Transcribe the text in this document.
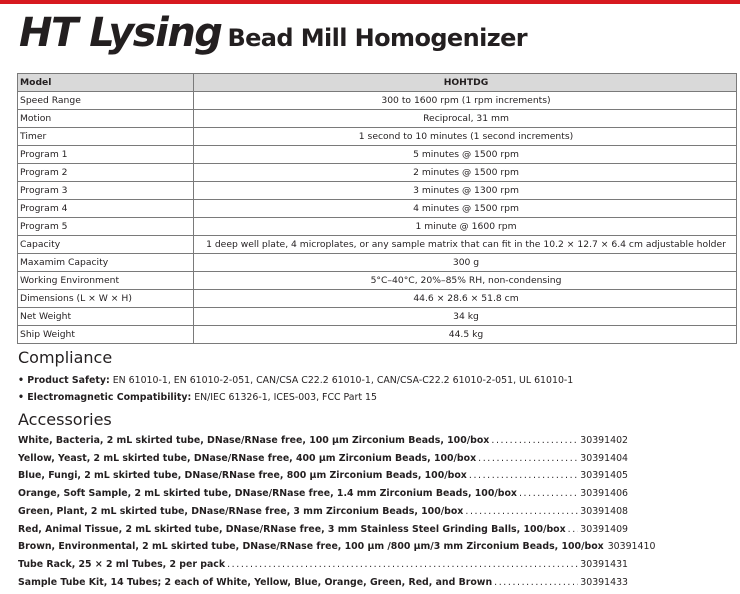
HT Lysing Bead Mill Homogenizer
Model	HOHTDG
Speed Range	300 to 1600 rpm (1 rpm increments)
Motion	Reciprocal, 31 mm
Timer	1 second to 10 minutes (1 second increments)
Program 1	5 minutes @ 1500 rpm
Program 2	2 minutes @ 1500 rpm
Program 3	3 minutes @ 1300 rpm
Program 4	4 minutes @ 1500 rpm
Program 5	1 minute @ 1600 rpm
Capacity	1 deep well plate, 4 microplates, or any sample matrix that can fit in the 10.2 × 12.7 × 6.4 cm adjustable holder
Maxamim Capacity	300 g
Working Environment	5°C–40°C, 20%–85% RH, non-condensing
Dimensions (L × W × H)	44.6 × 28.6 × 51.8 cm
Net Weight	34 kg
Ship Weight	44.5 kg
Compliance
• Product Safety: EN 61010-1, EN 61010-2-051, CAN/CSA C22.2 61010-1, CAN/CSA-C22.2 61010-2-051, UL 61010-1
• Electromagnetic Compatibility: EN/IEC 61326-1, ICES-003, FCC Part 15
Accessories
White, Bacteria, 2 mL skirted tube, DNase/RNase free, 100 µm Zirconium Beads, 100/box .....	30391402
Yellow, Yeast, 2 mL skirted tube, DNase/RNase free, 400 µm Zirconium Beads, 100/box .....	30391404
Blue, Fungi, 2 mL skirted tube, DNase/RNase free, 800 µm Zirconium Beads, 100/box .....	30391405
Orange, Soft Sample, 2 mL skirted tube, DNase/RNase free, 1.4 mm Zirconium Beads, 100/box .....	30391406
Green, Plant, 2 mL skirted tube, DNase/RNase free, 3 mm Zirconium Beads, 100/box .....	30391408
Red, Animal Tissue, 2 mL skirted tube, DNase/RNase free, 3 mm Stainless Steel Grinding Balls, 100/box ..... 30391409
Brown, Environmental, 2 mL skirted tube, DNase/RNase free, 100 µm /800 µm/3 mm Zirconium Beads, 100/box 30391410
Tube Rack, 25 × 2 ml Tubes, 2 per pack .....	30391431
Sample Tube Kit, 14 Tubes; 2 each of White, Yellow, Blue, Orange, Green, Red, and Brown .....	30391433
